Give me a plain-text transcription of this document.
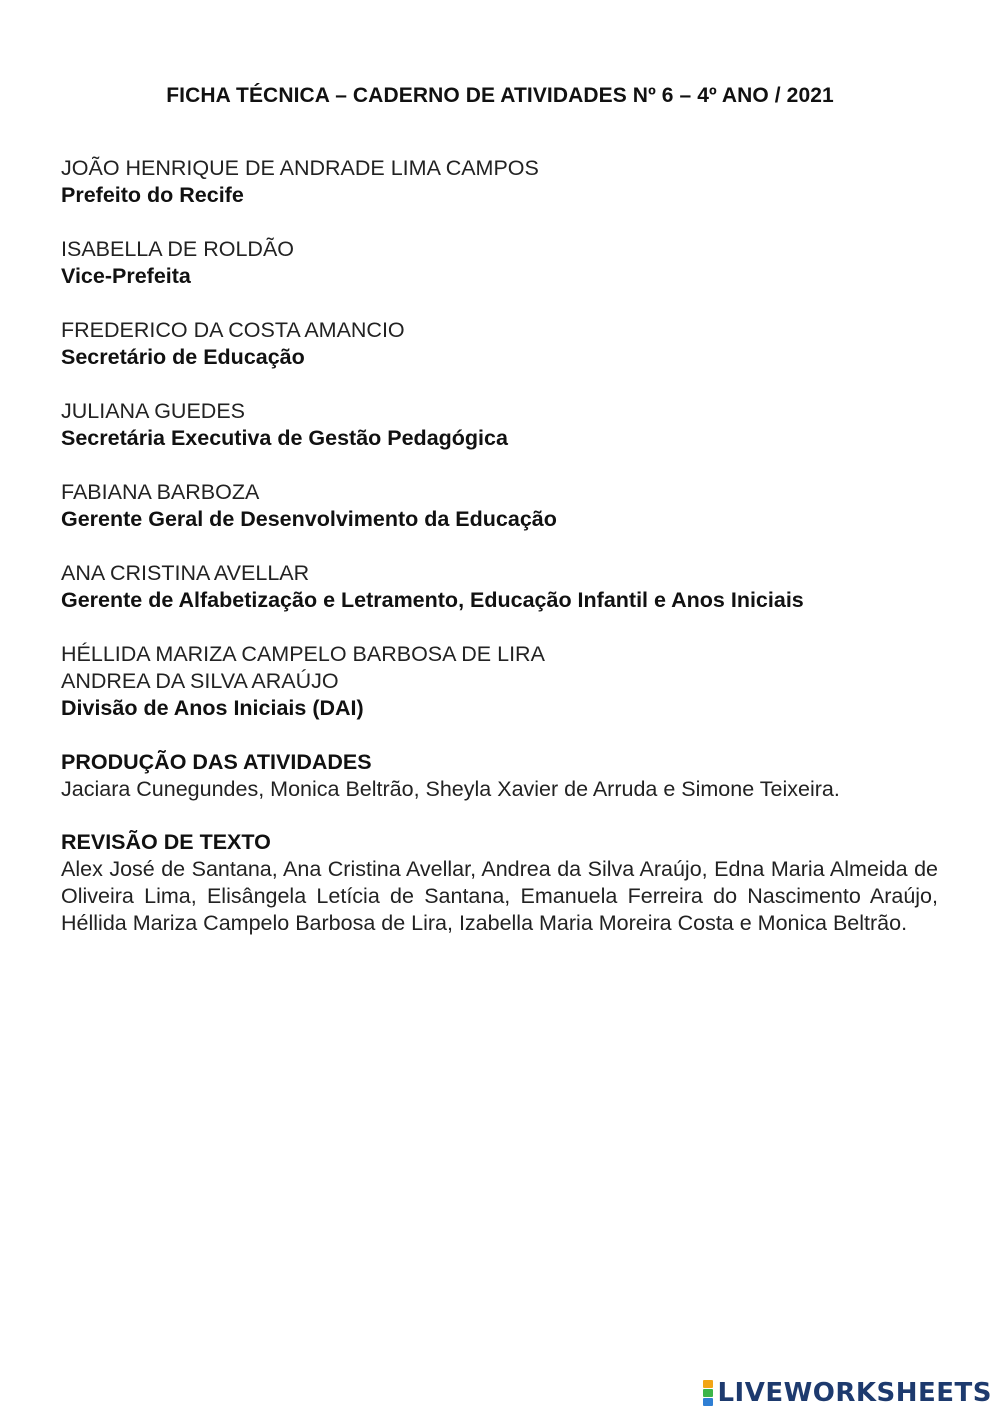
FICHA TÉCNICA – CADERNO DE ATIVIDADES Nº 6 – 4º ANO / 2021
JOÃO HENRIQUE DE ANDRADE LIMA CAMPOS
Prefeito do Recife
ISABELLA DE ROLDÃO
Vice-Prefeita
FREDERICO DA COSTA AMANCIO
Secretário de Educação
JULIANA GUEDES
Secretária Executiva de Gestão Pedagógica
FABIANA BARBOZA
Gerente Geral de Desenvolvimento da Educação
ANA CRISTINA AVELLAR
Gerente de Alfabetização e Letramento, Educação Infantil e Anos Iniciais
HÉLLIDA MARIZA CAMPELO BARBOSA DE LIRA
ANDREA DA SILVA ARAÚJO
Divisão de Anos Iniciais (DAI)
PRODUÇÃO DAS ATIVIDADES
Jaciara Cunegundes, Monica Beltrão, Sheyla Xavier de Arruda e Simone Teixeira.
REVISÃO DE TEXTO
Alex José de Santana, Ana Cristina Avellar, Andrea da Silva Araújo, Edna Maria Almeida de Oliveira Lima, Elisângela Letícia de Santana, Emanuela Ferreira do Nascimento Araújo, Héllida Mariza Campelo Barbosa de Lira, Izabella Maria Moreira Costa e Monica Beltrão.
LIVEWORKSHEETS
